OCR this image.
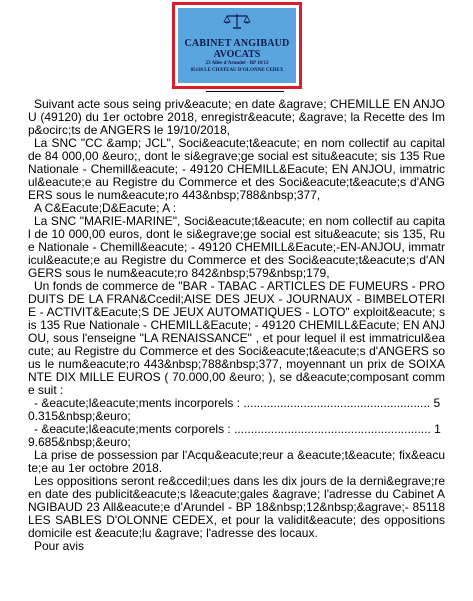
CABINET ANGIBAUD
AVOCATS
23 Allée d'Arundel - BP 18/12
85118 LE CHATEAU D'OLONNE CEDEX

Suivant acte sous seing priv&eacute; en date &agrave; CHEMILLE EN ANJOU (49120) du 1er octobre 2018, enregistr&eacute; &agrave; la Recette des Imp&ocirc;ts de ANGERS le 19/10/2018,

La SNC "CC &amp; JCL", Soci&eacute;t&eacute; en nom collectif au capital de 84 000,00 &euro;, dont le si&egrave;ge social est situ&eacute; sis 135 Rue Nationale - Chemill&eacute; - 49120 CHEMILL&Eacute; EN ANJOU, immatricul&eacute;e au Registre du Commerce et des Soci&eacute;t&eacute;s d'ANGERS sous le num&eacute;ro 443&nbsp;788&nbsp;377,

A C&Eacute;D&Eacute; A :

La SNC "MARIE-MARINE", Soci&eacute;t&eacute; en nom collectif au capital de 10 000,00 euros, dont le si&egrave;ge social est situ&eacute; sis 135, Rue Nationale - Chemill&eacute; - 49120 CHEMILL&Eacute;-EN-ANJOU, immatricul&eacute;e au Registre du Commerce et des Soci&eacute;t&eacute;s d'ANGERS sous le num&eacute;ro 842&nbsp;579&nbsp;179,

Un fonds de commerce de "BAR - TABAC - ARTICLES DE FUMEURS - PRODUITS DE LA FRAN&Ccedil;AISE DES JEUX - JOURNAUX - BIMBELOTERIE - ACTIVIT&Eacute;S DE JEUX AUTOMATIQUES - LOTO" exploit&eacute; sis 135 Rue Nationale - CHEMILL&Eacute; - 49120 CHEMILL&Eacute; EN ANJOU, sous l'enseigne "LA RENAISSANCE" , et pour lequel il est immatricul&eacute; au Registre du Commerce et des Soci&eacute;t&eacute;s d'ANGERS sous le num&eacute;ro 443&nbsp;788&nbsp;377, moyennant un prix de SOIXANTE DIX MILLE EUROS ( 70.000,00 &euro; ), se d&eacute;composant comme suit :

- &eacute;l&eacute;ments incorporels : ........................................................ 50.315&nbsp;&euro;

- &eacute;l&eacute;ments corporels : ........................................................... 19.685&nbsp;&euro;

La prise de possession par l'Acqu&eacute;reur a &eacute;t&eacute; fix&eacute;e au 1er octobre 2018.

Les oppositions seront re&ccedil;ues dans les dix jours de la derni&egrave;re en date des publicit&eacute;s l&eacute;gales &agrave; l'adresse du Cabinet ANGIBAUD 23 All&eacute;e d'Arundel - BP 18&nbsp;12&nbsp;&agrave;- 85118 LES SABLES D'OLONNE CEDEX, et pour la validit&eacute; des oppositions domicile est &eacute;lu &agrave; l'adresse des locaux.

Pour avis
